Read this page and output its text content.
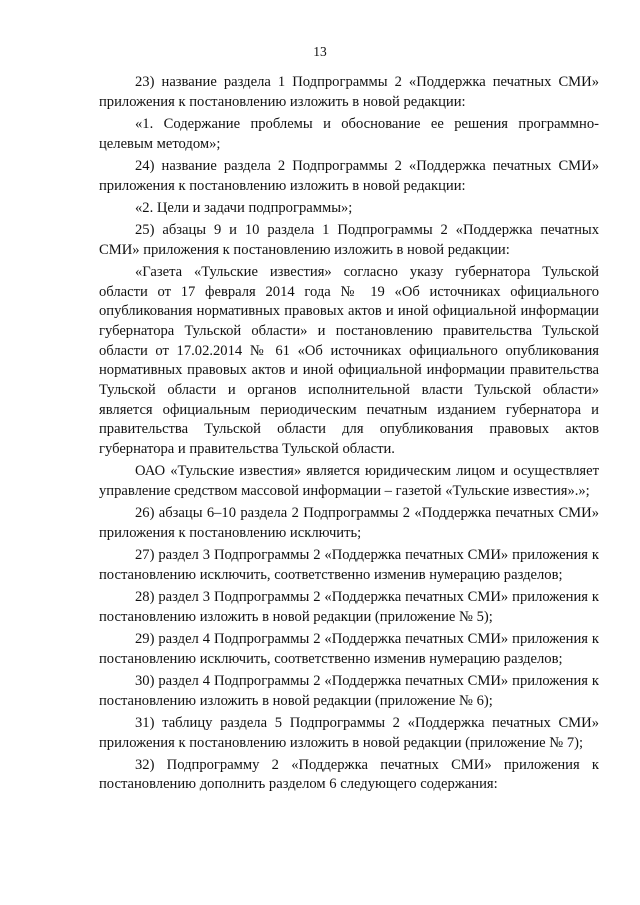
13

23) название раздела 1 Подпрограммы 2 «Поддержка печатных СМИ» приложения к постановлению изложить в новой редакции:

«1. Содержание проблемы и обоснование ее решения программно-целевым методом»;

24) название раздела 2 Подпрограммы 2 «Поддержка печатных СМИ» приложения к постановлению изложить в новой редакции:

«2. Цели и задачи подпрограммы»;

25) абзацы 9 и 10 раздела 1 Подпрограммы 2 «Поддержка печатных СМИ» приложения к постановлению изложить в новой редакции:

«Газета «Тульские известия» согласно указу губернатора Тульской области от 17 февраля 2014 года № 19 «Об источниках официального опубликования нормативных правовых актов и иной официальной информации губернатора Тульской области» и постановлению правительства Тульской области от 17.02.2014 № 61 «Об источниках официального опубликования нормативных правовых актов и иной официальной информации правительства Тульской области и органов исполнительной власти Тульской области» является официальным периодическим печатным изданием губернатора и правительства Тульской области для опубликования правовых актов губернатора и правительства Тульской области.

ОАО «Тульские известия» является юридическим лицом и осуществляет управление средством массовой информации – газетой «Тульские известия».»;

26) абзацы 6–10 раздела 2 Подпрограммы 2 «Поддержка печатных СМИ» приложения к постановлению исключить;

27) раздел 3 Подпрограммы 2 «Поддержка печатных СМИ» приложения к постановлению исключить, соответственно изменив нумерацию разделов;

28) раздел 3 Подпрограммы 2 «Поддержка печатных СМИ» приложения к постановлению изложить в новой редакции (приложение № 5);

29) раздел 4 Подпрограммы 2 «Поддержка печатных СМИ» приложения к постановлению исключить, соответственно изменив нумерацию разделов;

30) раздел 4 Подпрограммы 2 «Поддержка печатных СМИ» приложения к постановлению изложить в новой редакции (приложение № 6);

31) таблицу раздела 5 Подпрограммы 2 «Поддержка печатных СМИ» приложения к постановлению изложить в новой редакции (приложение № 7);

32) Подпрограмму 2 «Поддержка печатных СМИ» приложения к постановлению дополнить разделом 6 следующего содержания:
